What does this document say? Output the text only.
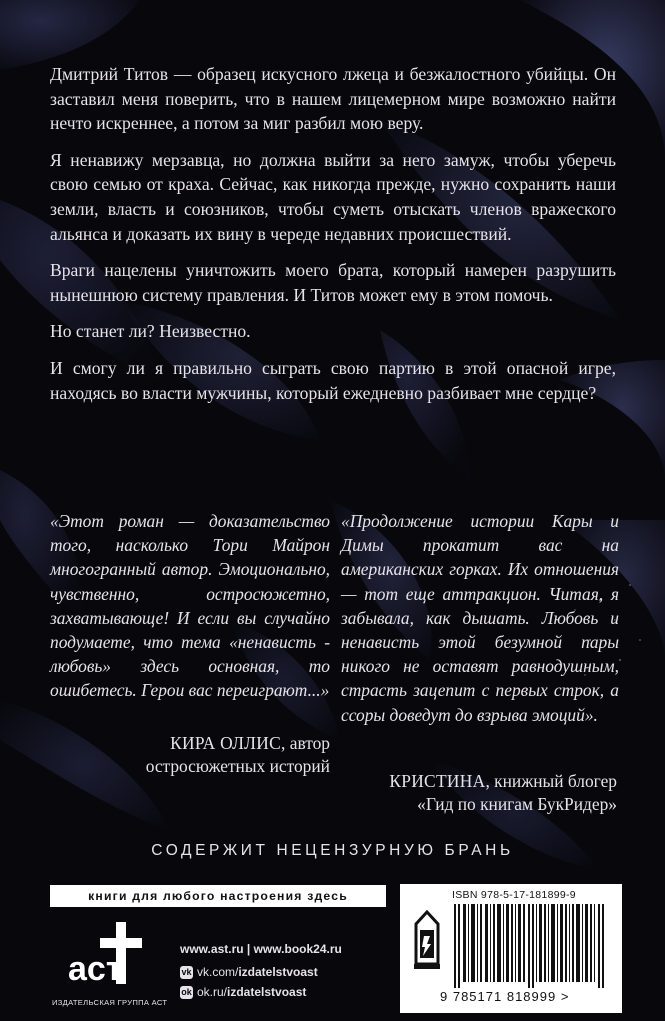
Дмитрий Титов — образец искусного лжеца и безжалостного убийцы. Он заставил меня поверить, что в нашем лицемерном мире возможно найти нечто искреннее, а потом за миг разбил мою веру.

Я ненавижу мерзавца, но должна выйти за него замуж, чтобы уберечь свою семью от краха. Сейчас, как никогда прежде, нужно сохранить наши земли, власть и союзников, чтобы суметь отыскать членов вражеского альянса и доказать их вину в череде недавних происшествий.

Враги нацелены уничтожить моего брата, который намерен разрушить нынешнюю систему правления. И Титов может ему в этом помочь.

Но станет ли? Неизвестно.

И смогу ли я правильно сыграть свою партию в этой опасной игре, находясь во власти мужчины, который ежедневно разбивает мне сердце?

«Этот роман — доказательство того, насколько Тори Майрон многогранный автор. Эмоционально, чувственно, остросюжетно, захватывающе! И если вы случайно подумаете, что тема «ненависть - любовь» здесь основная, то ошибетесь. Герои вас переиграют...»
КИРА ОЛЛИС, автор
остросюжетных историй
«Продолжение истории Кары и Димы прокатит вас на американских горках. Их отношения — тот еще аттракцион. Читая, я забывала, как дышать. Любовь и ненависть этой безумной пары никого не оставят равнодушным, страсть зацепит с первых строк, а ссоры доведут до взрыва эмоций».
КРИСТИНА, книжный блогер
«Гид по книгам БукРидер»
СОДЕРЖИТ НЕЦЕНЗУРНУЮ БРАНЬ
книги для любого настроения здесь
аст
ИЗДАТЕЛЬСКАЯ ГРУППА АСТ
www.ast.ru | www.book24.ru
vk vk.com/ izdatelstvoast
ok ok.ru/ izdatelstvoast
ISBN 978-5-17-181899-9
9 785171 818999 >
